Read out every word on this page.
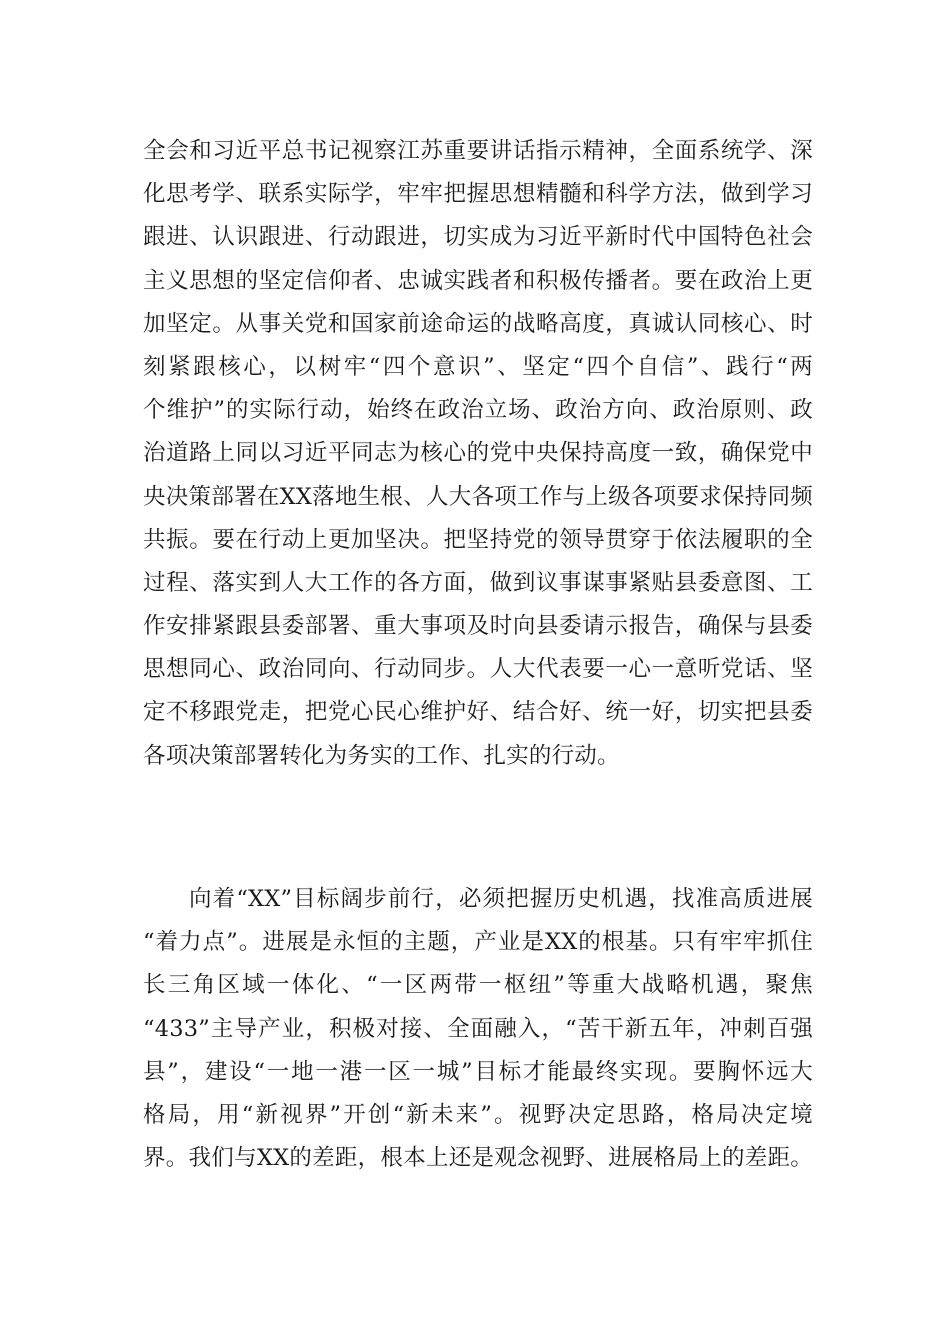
全会和习近平总书记视察江苏重要讲话指示精神，全面系统学、深
化思考学、联系实际学，牢牢把握思想精髓和科学方法，做到学习
跟进、认识跟进、行动跟进，切实成为习近平新时代中国特色社会
主义思想的坚定信仰者、忠诚实践者和积极传播者。要在政治上更
加坚定。从事关党和国家前途命运的战略高度，真诚认同核心、时
刻紧跟核心，以树牢“四个意识”、坚定“四个自信”、践行“两
个维护”的实际行动，始终在政治立场、政治方向、政治原则、政
治道路上同以习近平同志为核心的党中央保持高度一致，确保党中
央决策部署在XX落地生根、人大各项工作与上级各项要求保持同频
共振。要在行动上更加坚决。把坚持党的领导贯穿于依法履职的全
过程、落实到人大工作的各方面，做到议事谋事紧贴县委意图、工
作安排紧跟县委部署、重大事项及时向县委请示报告，确保与县委
思想同心、政治同向、行动同步。人大代表要一心一意听党话、坚
定不移跟党走，把党心民心维护好、结合好、统一好，切实把县委
各项决策部署转化为务实的工作、扎实的行动。
向着“XX”目标阔步前行，必须把握历史机遇，找准高质进展
“着力点”。进展是永恒的主题，产业是XX的根基。只有牢牢抓住
长三角区域一体化、“一区两带一枢纽”等重大战略机遇，聚焦
“433”主导产业，积极对接、全面融入，“苦干新五年，冲刺百强
县”，建设“一地一港一区一城”目标才能最终实现。要胸怀远大
格局，用“新视界”开创“新未来”。视野决定思路，格局决定境
界。我们与XX的差距，根本上还是观念视野、进展格局上的差距。
